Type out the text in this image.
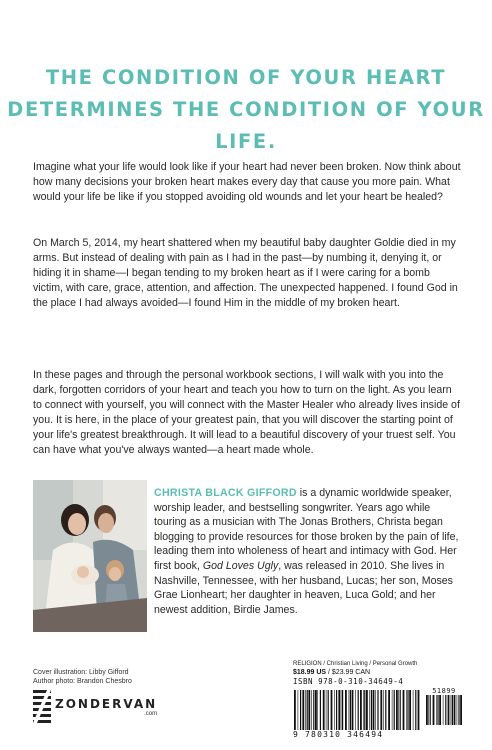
THE CONDITION OF YOUR HEART
DETERMINES THE CONDITION OF YOUR LIFE.

Imagine what your life would look like if your heart had never been broken. Now think about how many decisions your broken heart makes every day that cause you more pain. What would your life be like if you stopped avoiding old wounds and let your heart be healed?

On March 5, 2014, my heart shattered when my beautiful baby daughter Goldie died in my arms. But instead of dealing with pain as I had in the past—by numbing it, denying it, or hiding it in shame—I began tending to my broken heart as if I were caring for a bomb victim, with care, grace, attention, and affection. The unexpected happened. I found God in the place I had always avoided—I found Him in the middle of my broken heart.

In these pages and through the personal workbook sections, I will walk with you into the dark, forgotten corridors of your heart and teach you how to turn on the light. As you learn to connect with yourself, you will connect with the Master Healer who already lives inside of you. It is here, in the place of your greatest pain, that you will discover the starting point of your life's greatest breakthrough. It will lead to a beautiful discovery of your truest self. You can have what you've always wanted—a heart made whole.

CHRISTA BLACK GIFFORD is a dynamic worldwide speaker, worship leader, and bestselling songwriter. Years ago while touring as a musician with The Jonas Brothers, Christa began blogging to provide resources for those broken by the pain of life, leading them into wholeness of heart and intimacy with God. Her first book, God Loves Ugly, was released in 2010. She lives in Nashville, Tennessee, with her husband, Lucas; her son, Moses Grae Lionheart; her daughter in heaven, Luca Gold; and her newest addition, Birdie James.
Cover illustration: Libby Gifford
Author photo: Brandon Chesbro
ZONDERVAN
.com
RELIGION / Christian Living / Personal Growth
$18.99 US / $23.99 CAN
ISBN 978-0-310-34649-4
51899
9 780310 346494
